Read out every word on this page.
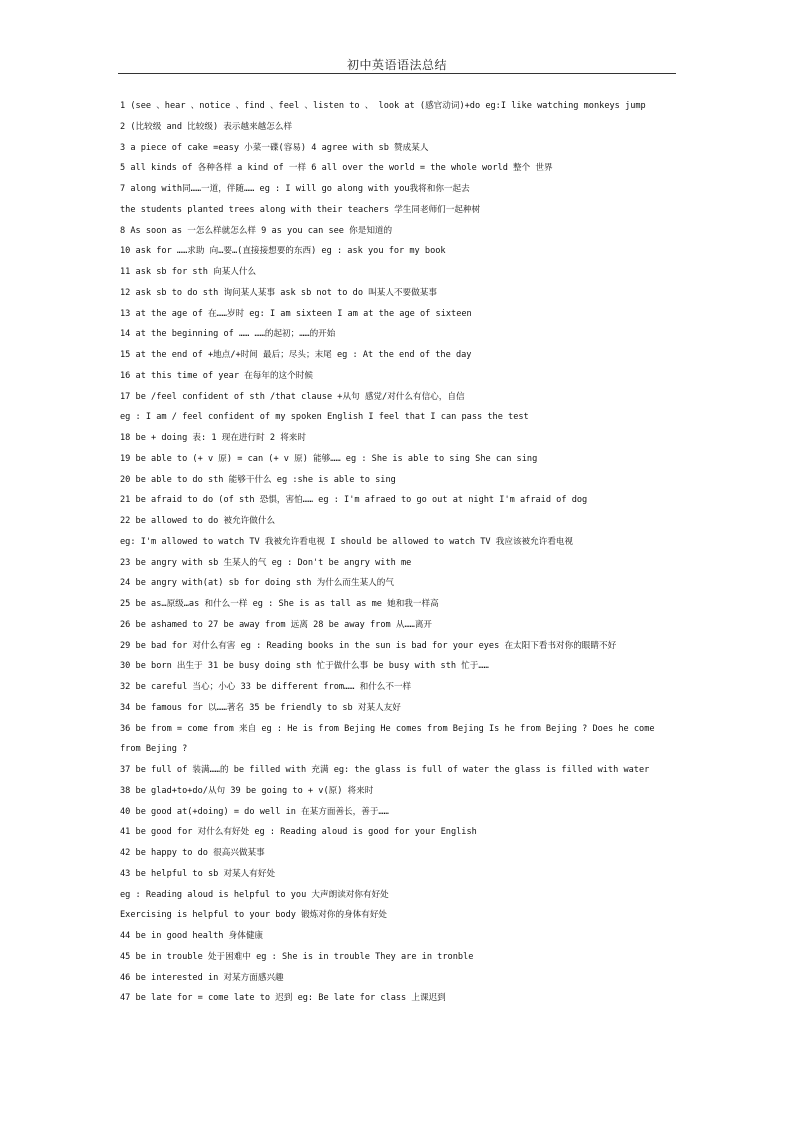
初中英语语法总结
1 (see 、hear 、notice 、find 、feel 、listen to 、 look at (感官动词)+do eg:I like watching monkeys jump
2 (比较级 and 比较级) 表示越来越怎么样
3 a piece of cake =easy 小菜一碟(容易) 4 agree with sb 赞成某人
5 all kinds of 各种各样 a kind of 一样 6 all over the world = the whole world 整个 世界
7 along with同……一道，伴随…… eg : I will go along with you我将和你一起去
the students planted trees along with their teachers 学生同老师们一起种树
8 As soon as 一怎么样就怎么样 9 as you can see 你是知道的
10 ask for ……求助 向…要…(直接接想要的东西) eg : ask you for my book
11 ask sb for sth 向某人什么
12 ask sb to do sth 询问某人某事 ask sb not to do 叫某人不要做某事
13 at the age of 在……岁时 eg: I am sixteen I am at the age of sixteen
14 at the beginning of …… ……的起初；……的开始
15 at the end of +地点/+时间 最后；尽头；末尾 eg : At the end of the day
16 at this time of year 在每年的这个时候
17 be /feel confident of sth /that clause +从句 感觉/对什么有信心，自信
eg : I am / feel confident of my spoken English I feel that I can pass the test
18 be + doing 表: 1 现在进行时 2 将来时
19 be able to (+ v 原) = can (+ v 原) 能够…… eg : She is able to sing She can sing
20 be able to do sth 能够干什么 eg :she is able to sing
21 be afraid to do (of sth 恐惧，害怕…… eg : I'm afraed to go out at night I'm afraid of dog
22 be allowed to do 被允许做什么
eg: I'm allowed to watch TV 我被允许看电视 I should be allowed to watch TV 我应该被允许看电视
23 be angry with sb 生某人的气 eg : Don't be angry with me
24 be angry with(at) sb for doing sth 为什么而生某人的气
25 be as…原级…as 和什么一样 eg : She is as tall as me 她和我一样高
26 be ashamed to 27 be away from 远离 28 be away from 从……离开
29 be bad for 对什么有害 eg : Reading books in the sun is bad for your eyes 在太阳下看书对你的眼睛不好
30 be born 出生于 31 be busy doing sth 忙于做什么事 be busy with sth 忙于……
32 be careful 当心；小心 33 be different from…… 和什么不一样
34 be famous for 以……著名 35 be friendly to sb 对某人友好
36 be from = come from 来自 eg : He is from Bejing He comes from Bejing Is he from Bejing ? Does he come
from Bejing ?
37 be full of 装满……的 be filled with 充满 eg: the glass is full of water the glass is filled with water
38 be glad+to+do/从句 39 be going to + v(原) 将来时
40 be good at(+doing) = do well in 在某方面善长，善于……
41 be good for 对什么有好处 eg : Reading aloud is good for your English
42 be happy to do 很高兴做某事
43 be helpful to sb 对某人有好处
eg : Reading aloud is helpful to you 大声朗读对你有好处
Exercising is helpful to your body 锻炼对你的身体有好处
44 be in good health 身体健康
45 be in trouble 处于困难中 eg : She is in trouble They are in tronble
46 be interested in 对某方面感兴趣
47 be late for = come late to 迟到 eg: Be late for class 上课迟到
